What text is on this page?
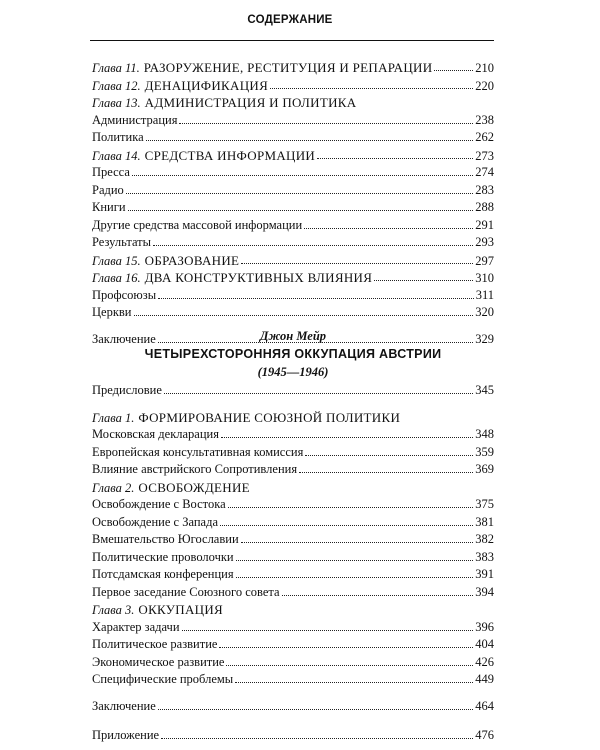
СОДЕРЖАНИЕ
Глава 11. РАЗОРУЖЕНИЕ, РЕСТИТУЦИЯ И РЕПАРАЦИИ	210
Глава 12. ДЕНАЦИФИКАЦИЯ	220
Глава 13. АДМИНИСТРАЦИЯ И ПОЛИТИКА
Администрация	238
Политика	262
Глава 14. СРЕДСТВА ИНФОРМАЦИИ	273
Пресса	274
Радио	283
Книги	288
Другие средства массовой информации	291
Результаты	293
Глава 15. ОБРАЗОВАНИЕ	297
Глава 16. ДВА КОНСТРУКТИВНЫХ ВЛИЯНИЯ	310
Профсоюзы	311
Церкви	320
Заключение	329
Джон Мейр
ЧЕТЫРЕХСТОРОННЯЯ ОККУПАЦИЯ АВСТРИИ
(1945—1946)
Предисловие	345
Глава 1. ФОРМИРОВАНИЕ СОЮЗНОЙ ПОЛИТИКИ
Московская декларация	348
Европейская консультативная комиссия	359
Влияние австрийского Сопротивления	369
Глава 2. ОСВОБОЖДЕНИЕ
Освобождение с Востока	375
Освобождение с Запада	381
Вмешательство Югославии	382
Политические проволочки	383
Потсдамская конференция	391
Первое заседание Союзного совета	394
Глава 3. ОККУПАЦИЯ
Характер задачи	396
Политическое развитие	404
Экономическое развитие	426
Специфические проблемы	449
Заключение	464
Приложение	476
